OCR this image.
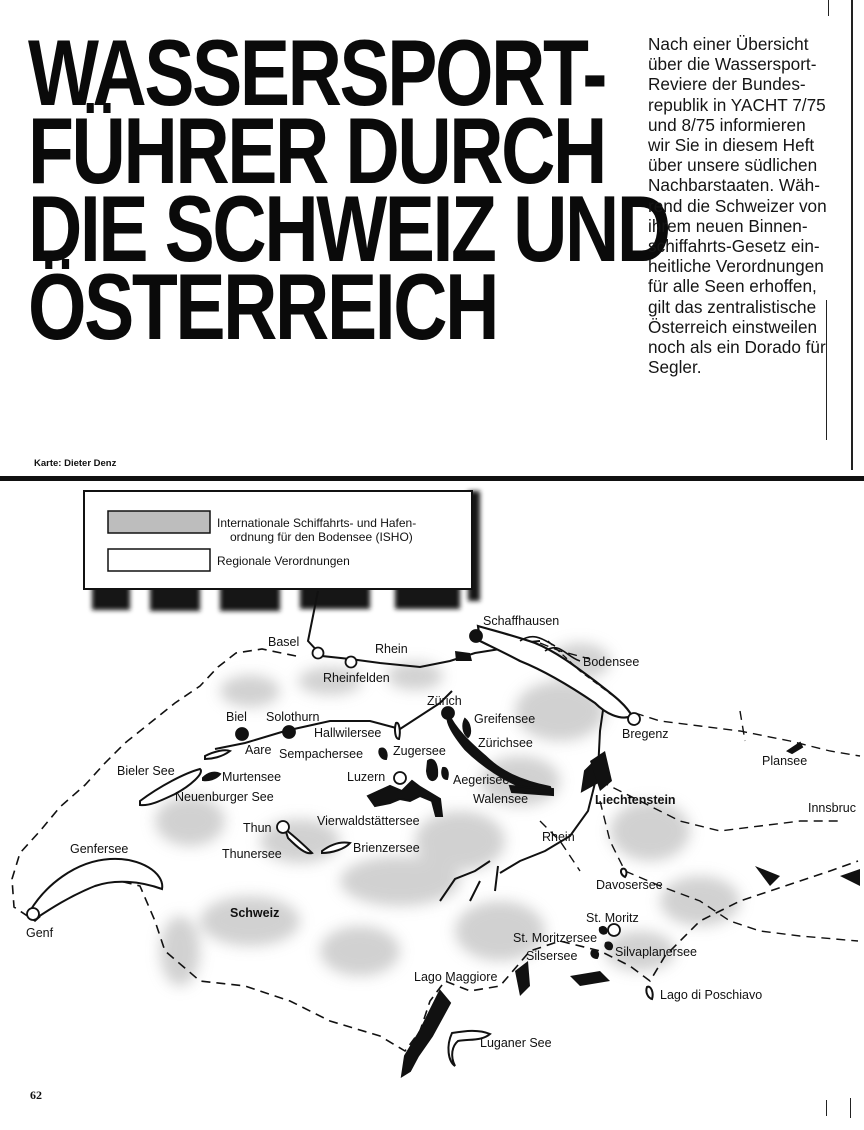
WASSERSPORT-
FÜHRER DURCH
DIE SCHWEIZ UND
ÖSTERREICH

Nach einer Übersicht
über die Wassersport-
Reviere der Bundes-
republik in YACHT 7/75
und 8/75 informieren
wir Sie in diesem Heft
über unsere südlichen
Nachbarstaaten. Wäh-
rend die Schweizer von
ihrem neuen Binnen-
schiffahrts-Gesetz ein-
heitliche Verordnungen
für alle Seen erhoffen,
gilt das zentralistische
Österreich einstweilen
noch als ein Dorado für
Segler.

Karte: Dieter Denz
Internationale Schiffahrts- und Hafen-
ordnung für den Bodensee (ISHO)
Regionale Verordnungen
Basel	Rhein
Rheinfelden
Schaffhausen
Bodensee
Bregenz
Zürich
Greifensee
Zürichsee
Biel Solothurn
Hallwilersee
Aare Sempachersee Zugersee
Bieler See	Murtensee	Luzern	Aegerisee
Walensee
Neuenburger See	Liechtenstein
Plansee
Innsbruc
Vierwaldstättersee
Thun
Thunersee	Brienzersee
Rhein
Genfersee
Davosersee
Schweiz
Genf
St. Moritz
St. Moritzersee
Silsersee	Silvaplanersee
Lago Maggiore
Lago di Poschiavo
Luganer See
62
